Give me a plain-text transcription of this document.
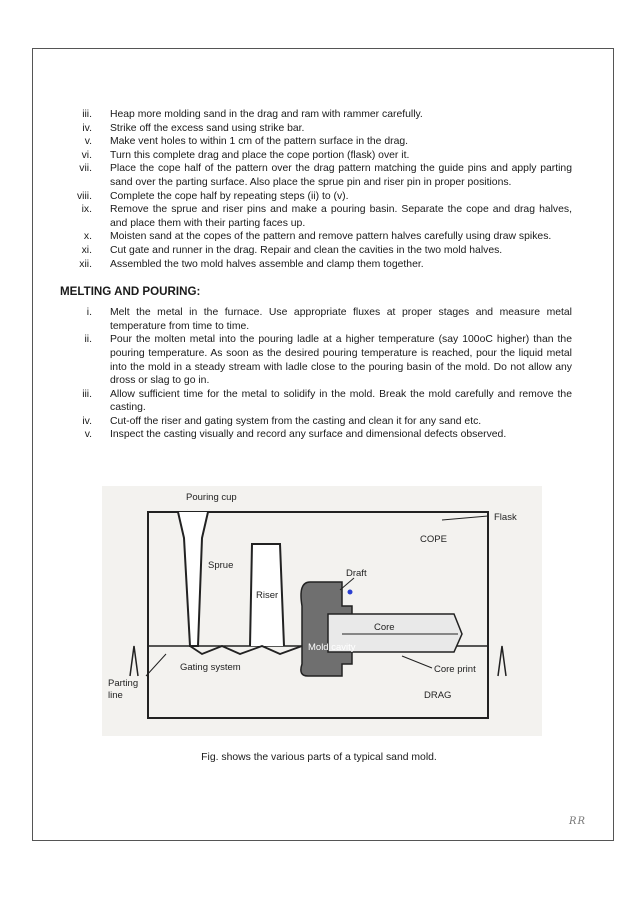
iii.	Heap more molding sand in the drag and ram with rammer carefully.
iv.	Strike off the excess sand using strike bar.
v.	Make vent holes to within 1 cm of the pattern surface in the drag.
vi.	Turn this complete drag and place the cope portion (flask) over it.
vii.	Place the cope half of the pattern over the drag pattern matching the guide pins and apply parting sand over the parting surface. Also place the sprue pin and riser pin in proper positions.
viii.	Complete the cope half by repeating steps (ii) to (v).
ix.	Remove the sprue and riser pins and make a pouring basin. Separate the cope and drag halves, and place them with their parting faces up.
x.	Moisten sand at the copes of the pattern and remove pattern halves carefully using draw spikes.
xi.	Cut gate and runner in the drag. Repair and clean the cavities in the two mold halves.
xii.	Assembled the two mold halves assemble and clamp them together.
MELTING AND POURING:
i.	Melt the metal in the furnace. Use appropriate fluxes at proper stages and measure metal temperature from time to time.
ii.	Pour the molten metal into the pouring ladle at a higher temperature (say 100oC higher) than the pouring temperature. As soon as the desired pouring temperature is reached, pour the liquid metal into the mold in a steady stream with ladle close to the pouring basin of the mold. Do not allow any dross or slag to go in.
iii.	Allow sufficient time for the metal to solidify in the mold. Break the mold carefully and remove the casting.
iv.	Cut-off the riser and gating system from the casting and clean it for any sand etc.
v.	Inspect the casting visually and record any surface and dimensional defects observed.
Pouring cup
Flask
COPE
Sprue
Draft
Riser
Core
Mold cavity
Gating system	Core print
Parting
line	DRAG
Fig. shows the various parts of a typical sand mold.
RR
